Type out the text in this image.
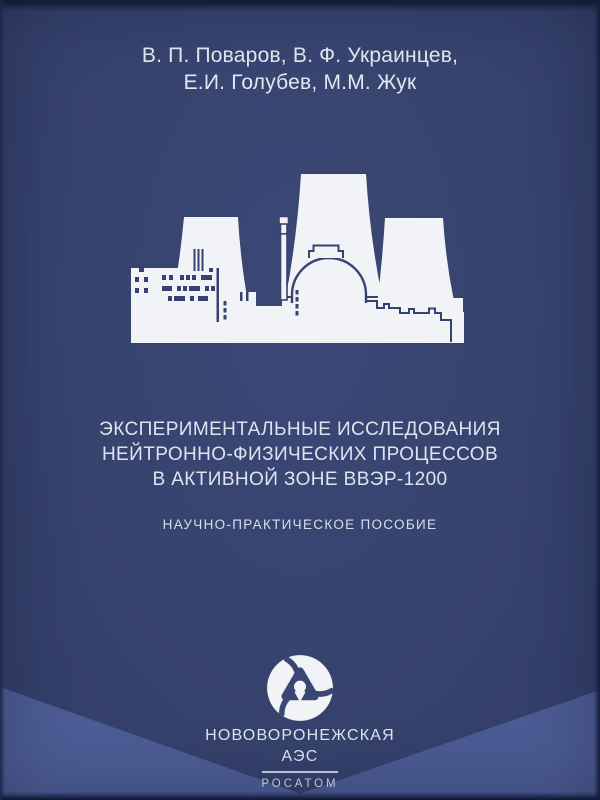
В. П. Поваров, В. Ф. Украинцев,
Е.И. Голубев, М.М. Жук
ЭКСПЕРИМЕНТАЛЬНЫЕ ИССЛЕДОВАНИЯ
НЕЙТРОННО-ФИЗИЧЕСКИХ ПРОЦЕССОВ
В АКТИВНОЙ ЗОНЕ ВВЭР-1200
НАУЧНО-ПРАКТИЧЕСКОЕ ПОСОБИЕ
НОВОВОРОНЕЖСКАЯ
АЭС
РОСАТОМ
